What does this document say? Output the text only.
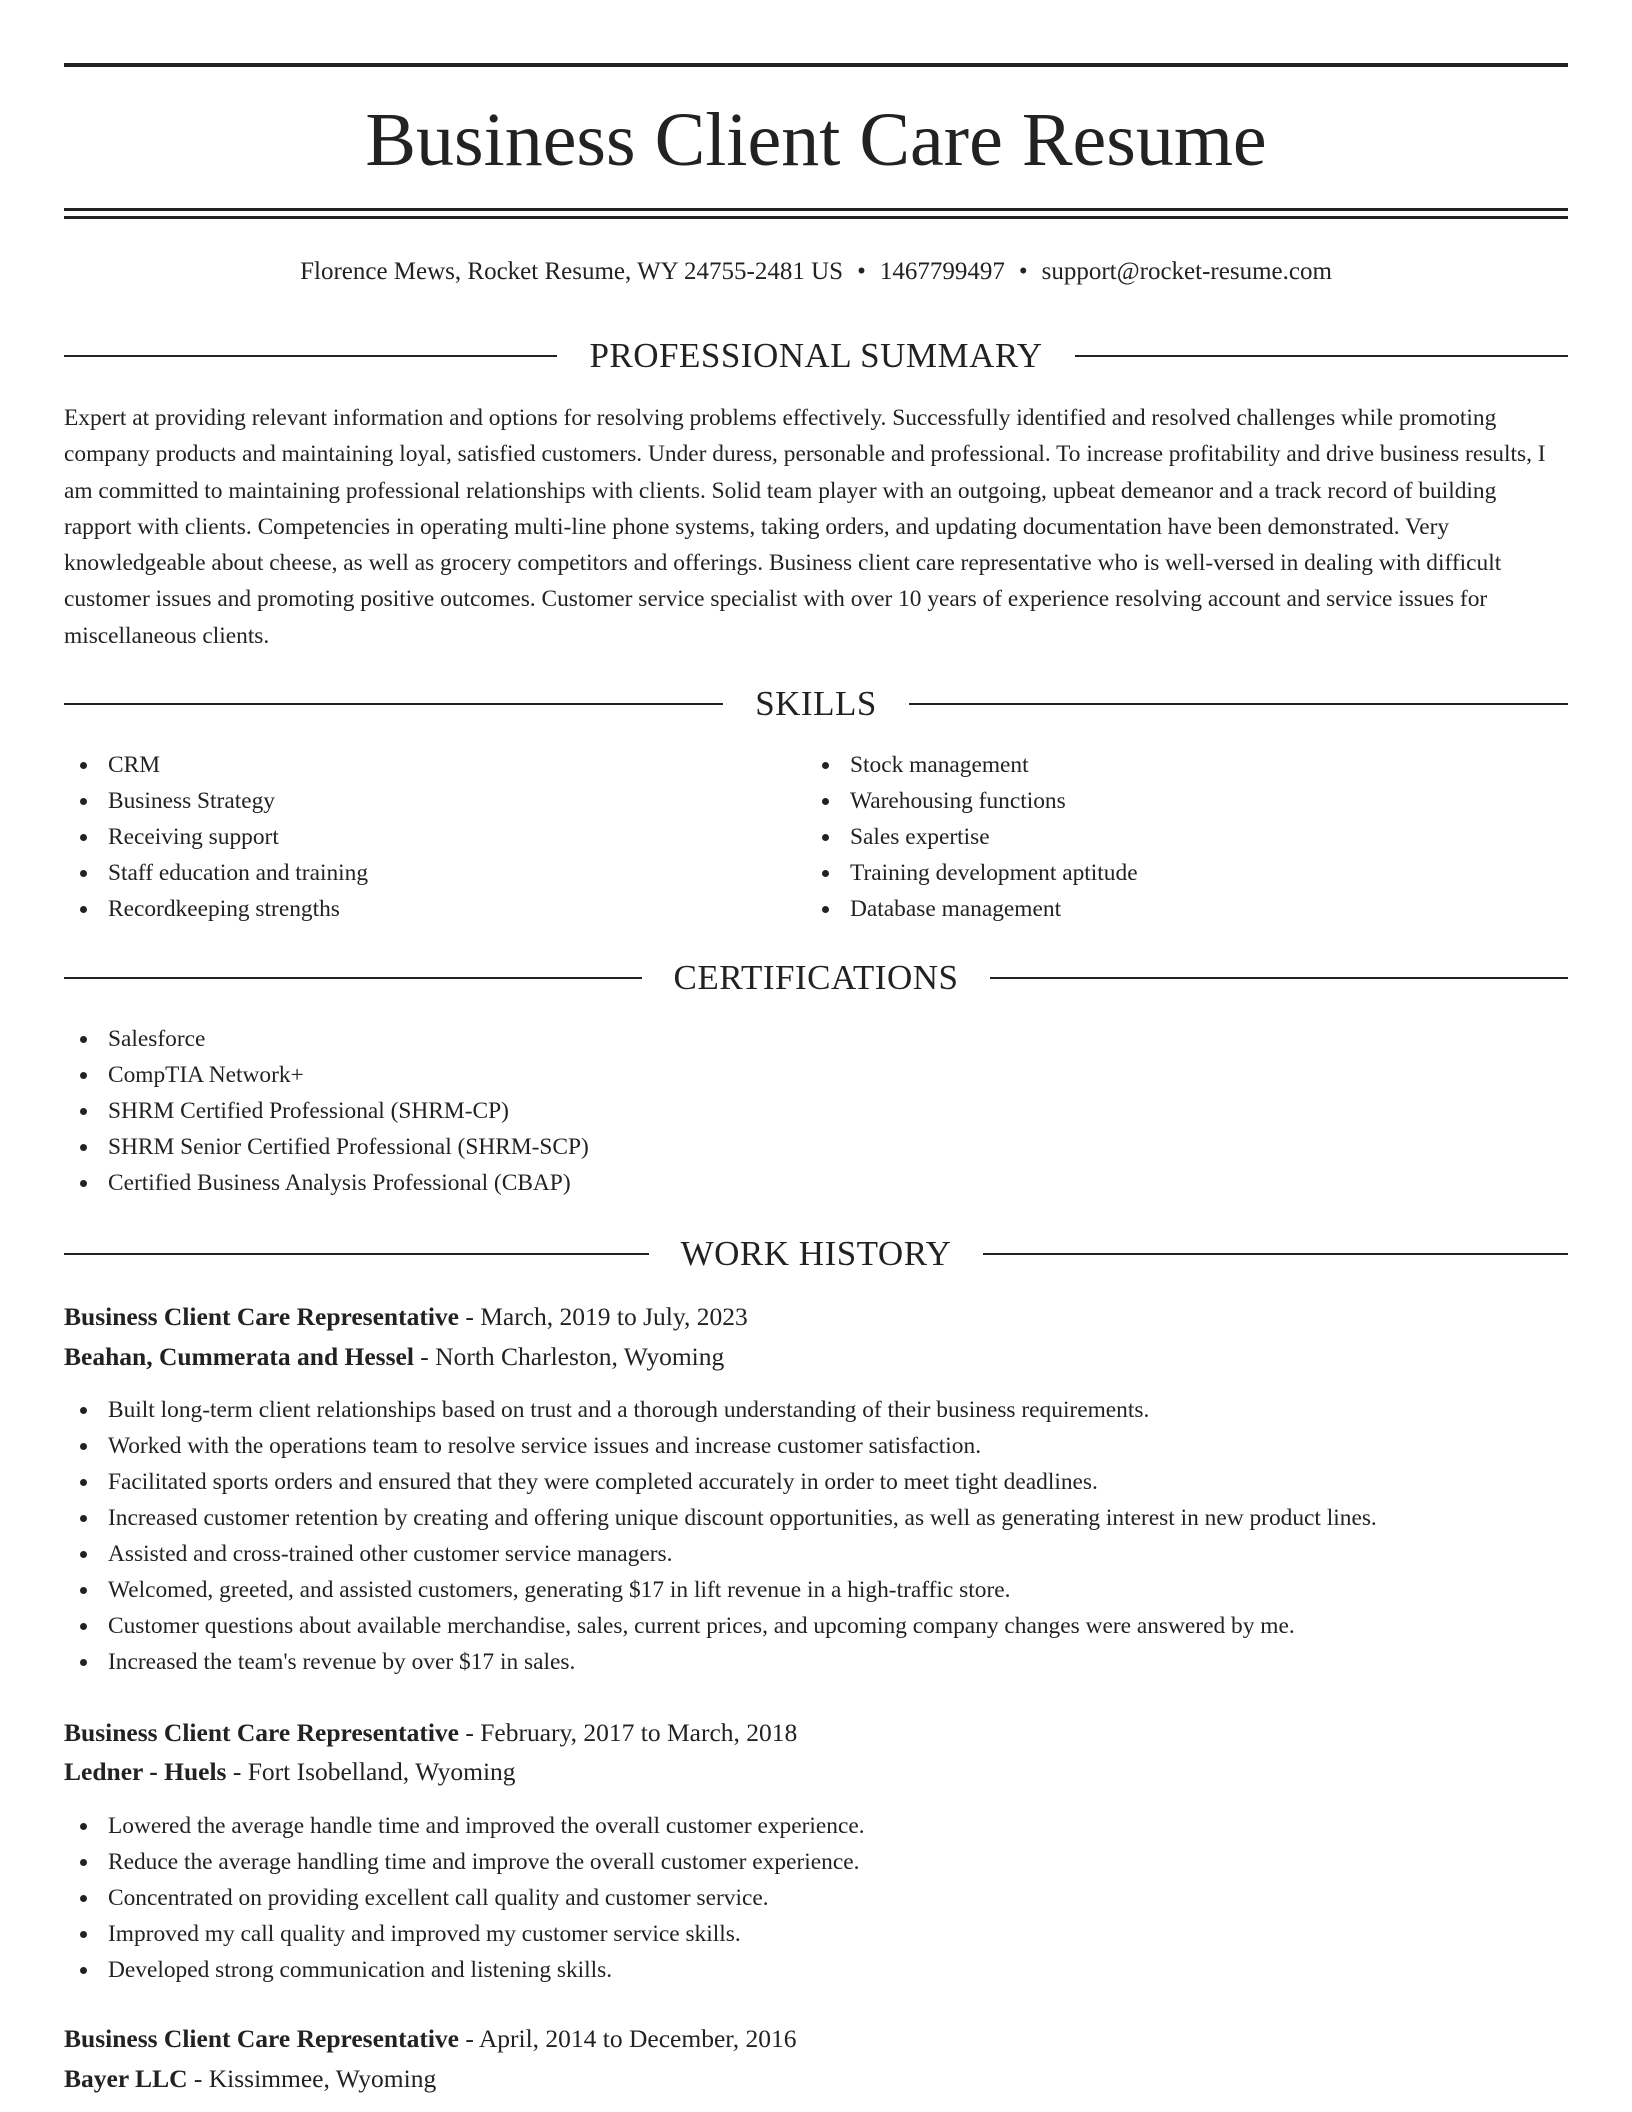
Business Client Care Resume
Florence Mews, Rocket Resume, WY 24755-2481 US • 1467799497 • support@rocket-resume.com
PROFESSIONAL SUMMARY

Expert at providing relevant information and options for resolving problems effectively. Successfully identified and resolved challenges while promoting company products and maintaining loyal, satisfied customers. Under duress, personable and professional. To increase profitability and drive business results, I am committed to maintaining professional relationships with clients. Solid team player with an outgoing, upbeat demeanor and a track record of building rapport with clients. Competencies in operating multi-line phone systems, taking orders, and updating documentation have been demonstrated. Very knowledgeable about cheese, as well as grocery competitors and offerings. Business client care representative who is well-versed in dealing with difficult customer issues and promoting positive outcomes. Customer service specialist with over 10 years of experience resolving account and service issues for miscellaneous clients.

SKILLS
CRM
Business Strategy
Receiving support
Staff education and training
Recordkeeping strengths
Stock management
Warehousing functions
Sales expertise
Training development aptitude
Database management
CERTIFICATIONS
Salesforce
CompTIA Network+
SHRM Certified Professional (SHRM-CP)
SHRM Senior Certified Professional (SHRM-SCP)
Certified Business Analysis Professional (CBAP)
WORK HISTORY
Business Client Care Representative - March, 2019 to July, 2023
Beahan, Cummerata and Hessel - North Charleston, Wyoming
Built long-term client relationships based on trust and a thorough understanding of their business requirements.
Worked with the operations team to resolve service issues and increase customer satisfaction.
Facilitated sports orders and ensured that they were completed accurately in order to meet tight deadlines.
Increased customer retention by creating and offering unique discount opportunities, as well as generating interest in new product lines.
Assisted and cross-trained other customer service managers.
Welcomed, greeted, and assisted customers, generating $17 in lift revenue in a high-traffic store.
Customer questions about available merchandise, sales, current prices, and upcoming company changes were answered by me.
Increased the team's revenue by over $17 in sales.
Business Client Care Representative - February, 2017 to March, 2018
Ledner - Huels - Fort Isobelland, Wyoming
Lowered the average handle time and improved the overall customer experience.
Reduce the average handling time and improve the overall customer experience.
Concentrated on providing excellent call quality and customer service.
Improved my call quality and improved my customer service skills.
Developed strong communication and listening skills.
Business Client Care Representative - April, 2014 to December, 2016
Bayer LLC - Kissimmee, Wyoming
